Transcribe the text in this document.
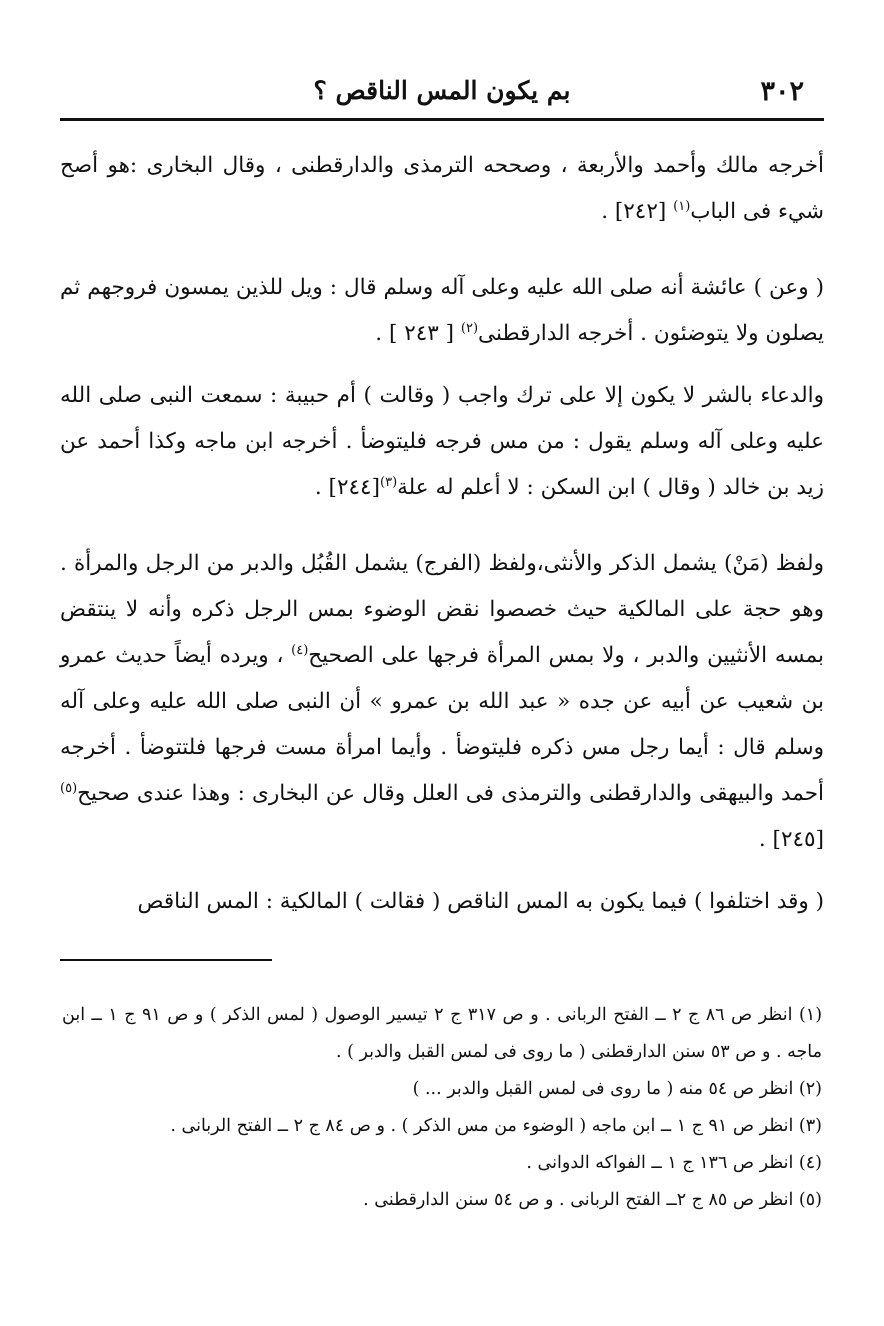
٣٠٢
بم يكون المس الناقص ؟

أخرجه مالك وأحمد والأربعة ، وصححه الترمذى والدارقطنى ، وقال البخارى :هو أصح شيء فى الباب$^{(١)}$ [٢٤٢] .

( وعن ) عائشة أنه صلى الله عليه وعلى آله وسلم قال : ويل للذين يمسون فروجهم ثم يصلون ولا يتوضئون . أخرجه الدارقطنى$^{(٢)}$ [ ٢٤٣ ] .

والدعاء بالشر لا يكون إلا على ترك واجب ( وقالت ) أم حبيبة : سمعت النبى صلى الله عليه وعلى آله وسلم يقول : من مس فرجه فليتوضأ . أخرجه ابن ماجه وكذا أحمد عن زيد بن خالد ( وقال ) ابن السكن : لا أعلم له علة$^{(٣)}$[٢٤٤] .

ولفظ (مَنْ) يشمل الذكر والأنثى،ولفظ (الفرج) يشمل القُبُل والدبر من الرجل والمرأة . وهو حجة على المالكية حيث خصصوا نقض الوضوء بمس الرجل ذكره وأنه لا ينتقض بمسه الأنثيين والدبر ، ولا بمس المرأة فرجها على الصحيح$^{(٤)}$ ، ويرده أيضاً حديث عمرو بن شعيب عن أبيه عن جده « عبد الله بن عمرو » أن النبى صلى الله عليه وعلى آله وسلم قال : أيما رجل مس ذكره فليتوضأ . وأيما امرأة مست فرجها فلتتوضأ . أخرجه أحمد والبيهقى والدارقطنى والترمذى فى العلل وقال عن البخارى : وهذا عندى صحيح$^{(٥)}$ [٢٤٥] .

( وقد اختلفوا ) فيما يكون به المس الناقص ( فقالت ) المالكية : المس الناقص

(١) انظر ص ٨٦ ج ٢ ــ الفتح الربانى . و ص ٣١٧ ج ٢ تيسير الوصول ( لمس الذكر ) و ص ٩١ ج ١ ــ ابن ماجه . و ص ٥٣ سنن الدارقطنى ( ما روى فى لمس القبل والدبر ) .

(٢) انظر ص ٥٤ منه ( ما روى فى لمس القبل والدبر ... )

(٣) انظر ص ٩١ ج ١ ــ ابن ماجه ( الوضوء من مس الذكر ) . و ص ٨٤ ج ٢ ــ الفتح الربانى .

(٤) انظر ص ١٣٦ ج ١ ــ الفواكه الدوانى .

(٥) انظر ص ٨٥ ج ٢ــ الفتح الربانى . و ص ٥٤ سنن الدارقطنى .
